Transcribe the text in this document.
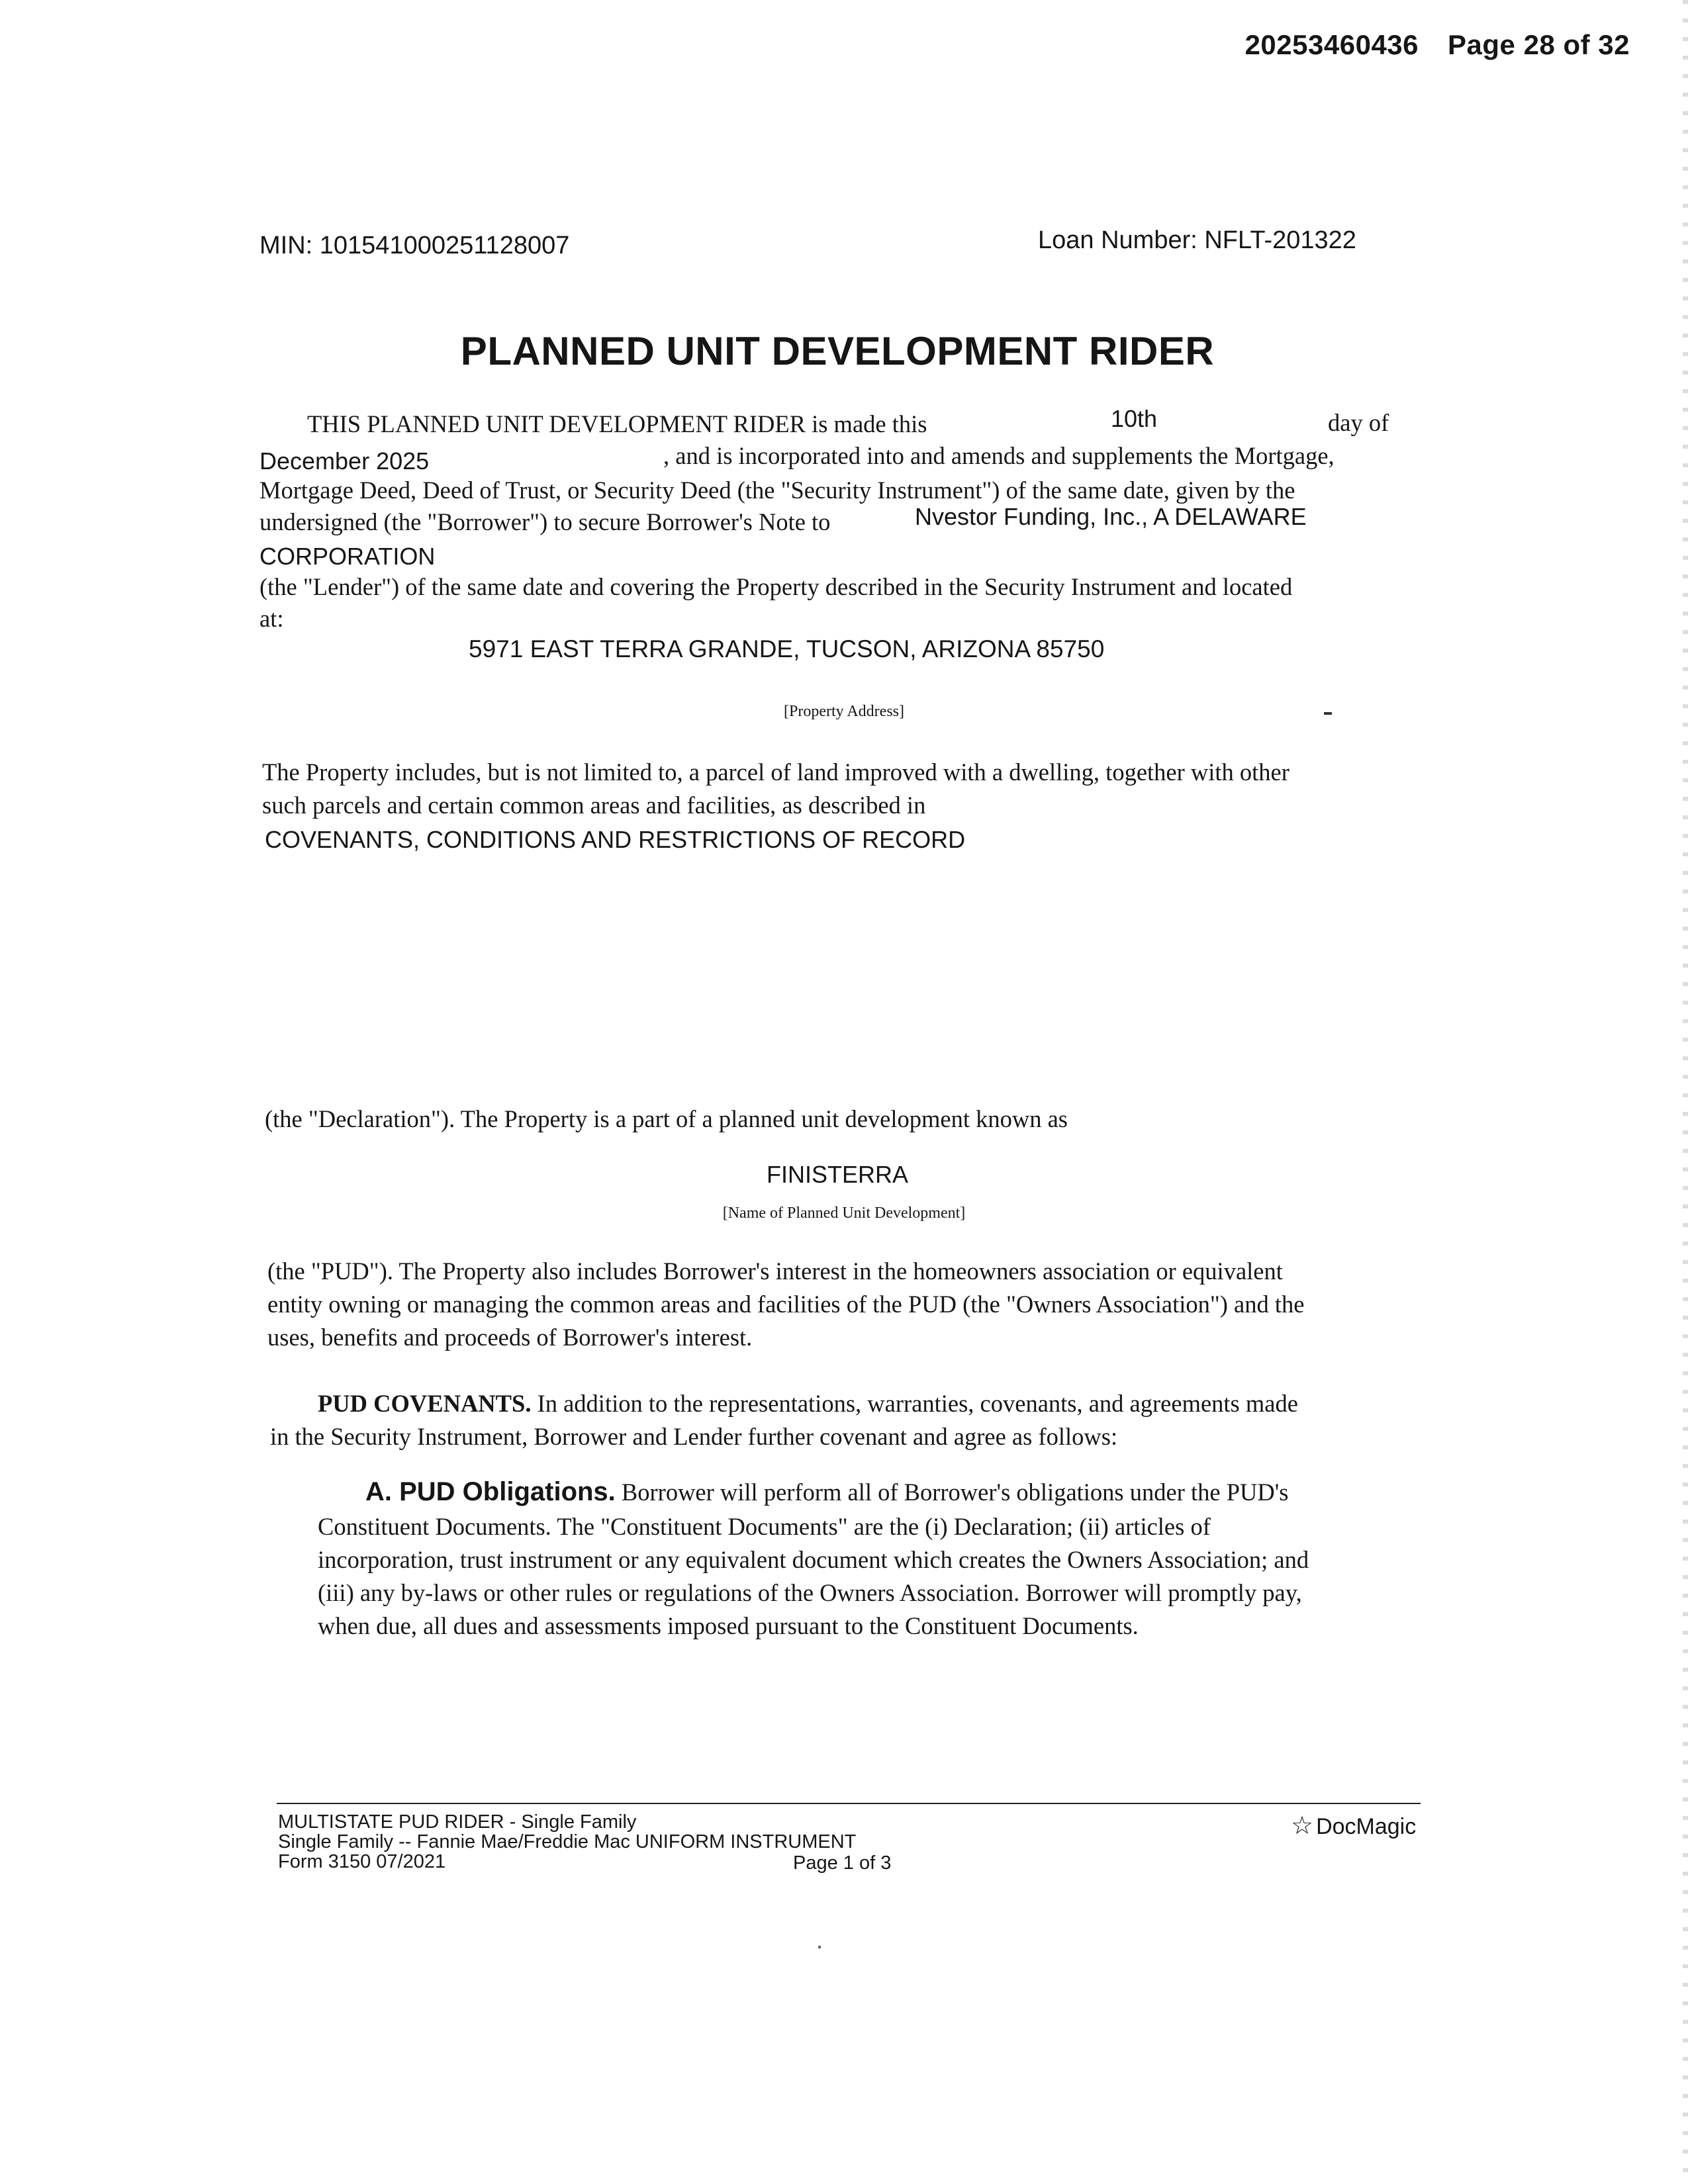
20253460436 Page 28 of 32
MIN: 101541000251128007	Loan Number: NFLT-201322
PLANNED UNIT DEVELOPMENT RIDER
THIS PLANNED UNIT DEVELOPMENT RIDER is made this	10th	day of
December 2025	, and is incorporated into and amends and supplements the Mortgage,
Mortgage Deed, Deed of Trust, or Security Deed (the "Security Instrument") of the same date, given by the
undersigned (the "Borrower") to secure Borrower's Note to	Nvestor Funding, Inc., A DELAWARE
CORPORATION
(the "Lender") of the same date and covering the Property described in the Security Instrument and located
at:
5971 EAST TERRA GRANDE, TUCSON, ARIZONA 85750
[Property Address]
The Property includes, but is not limited to, a parcel of land improved with a dwelling, together with other
such parcels and certain common areas and facilities, as described in
COVENANTS, CONDITIONS AND RESTRICTIONS OF RECORD
(the "Declaration"). The Property is a part of a planned unit development known as
FINISTERRA
[Name of Planned Unit Development]
(the "PUD"). The Property also includes Borrower's interest in the homeowners association or equivalent
entity owning or managing the common areas and facilities of the PUD (the "Owners Association") and the
uses, benefits and proceeds of Borrower's interest.
PUD COVENANTS. In addition to the representations, warranties, covenants, and agreements made
in the Security Instrument, Borrower and Lender further covenant and agree as follows:
A. PUD Obligations. Borrower will perform all of Borrower's obligations under the PUD's
Constituent Documents. The "Constituent Documents" are the (i) Declaration; (ii) articles of
incorporation, trust instrument or any equivalent document which creates the Owners Association; and
(iii) any by-laws or other rules or regulations of the Owners Association. Borrower will promptly pay,
when due, all dues and assessments imposed pursuant to the Constituent Documents.
MULTISTATE PUD RIDER - Single Family
Single Family -- Fannie Mae/Freddie Mac UNIFORM INSTRUMENT
Form 3150 07/2021	Page 1 of 3
☆ DocMagic
